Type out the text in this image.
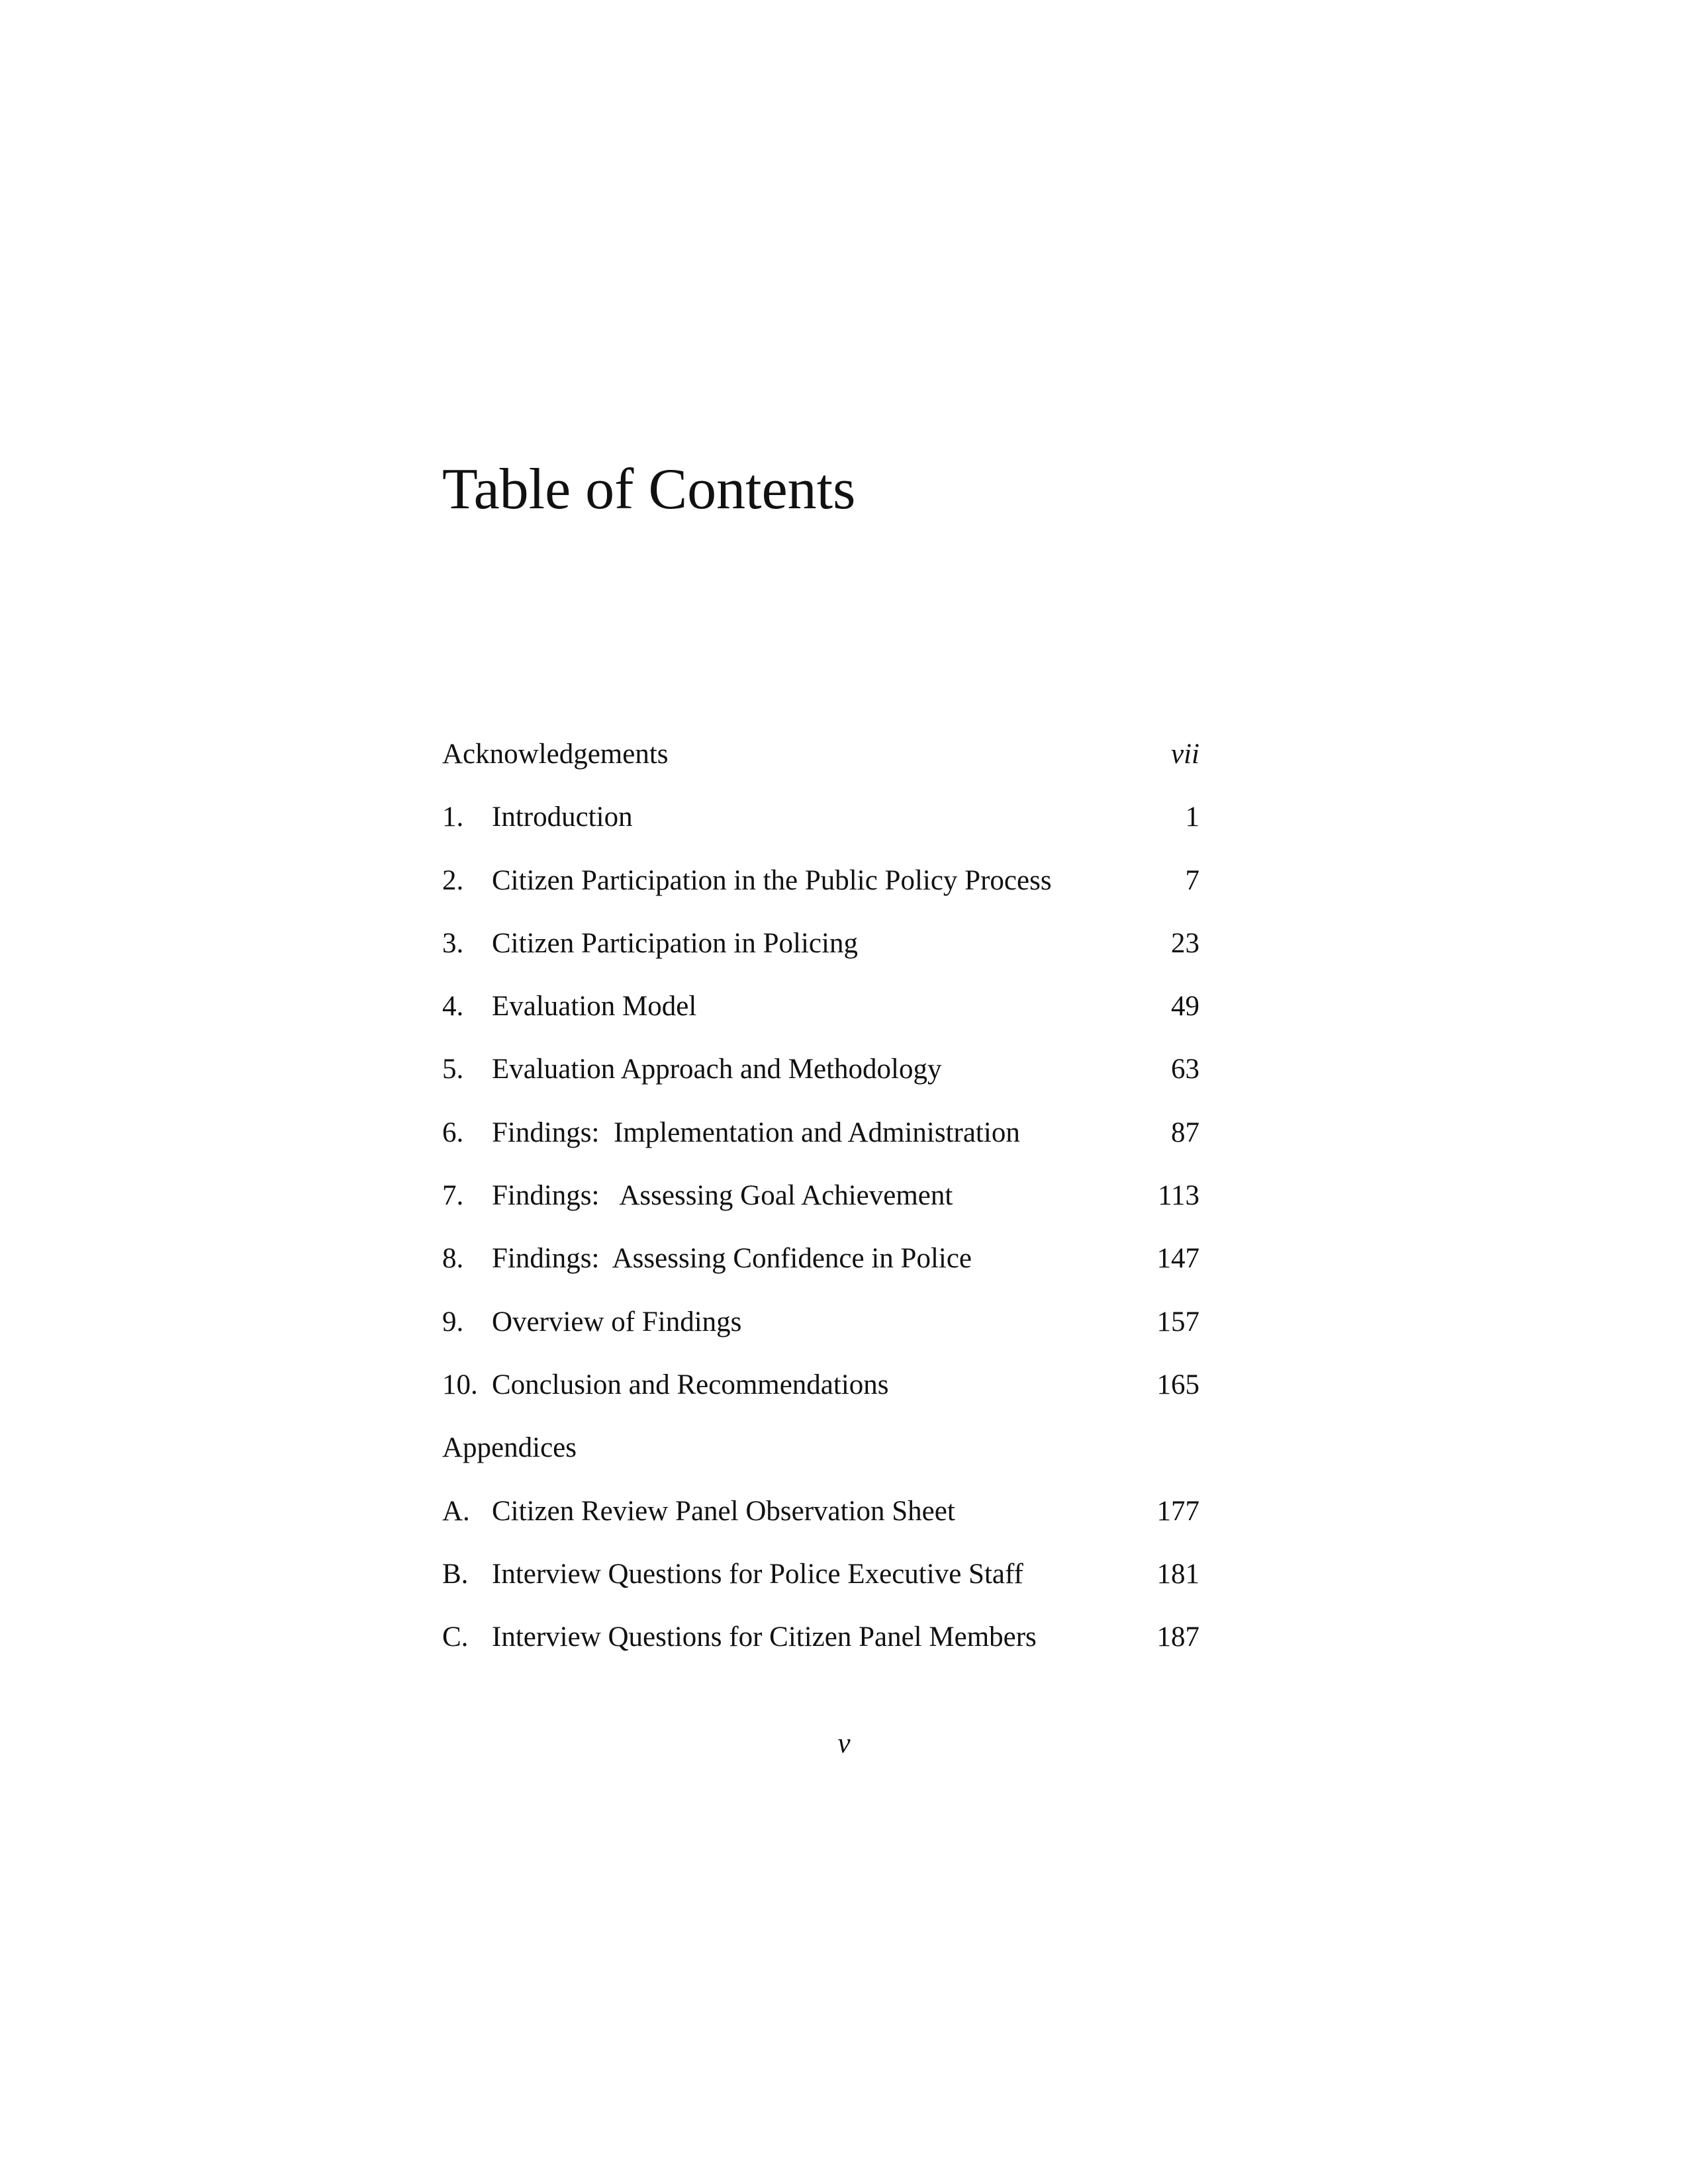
Table of Contents
Acknowledgements	vii
1. Introduction	1
2. Citizen Participation in the Public Policy Process	7
3. Citizen Participation in Policing	23
4. Evaluation Model	49
5. Evaluation Approach and Methodology	63
6. Findings:  Implementation and Administration	87
7. Findings:   Assessing Goal Achievement	113
8. Findings:  Assessing Confidence in Police	147
9. Overview of Findings	157
10. Conclusion and Recommendations	165
Appendices
A. Citizen Review Panel Observation Sheet	177
B. Interview Questions for Police Executive Staff	181
C. Interview Questions for Citizen Panel Members	187
v
